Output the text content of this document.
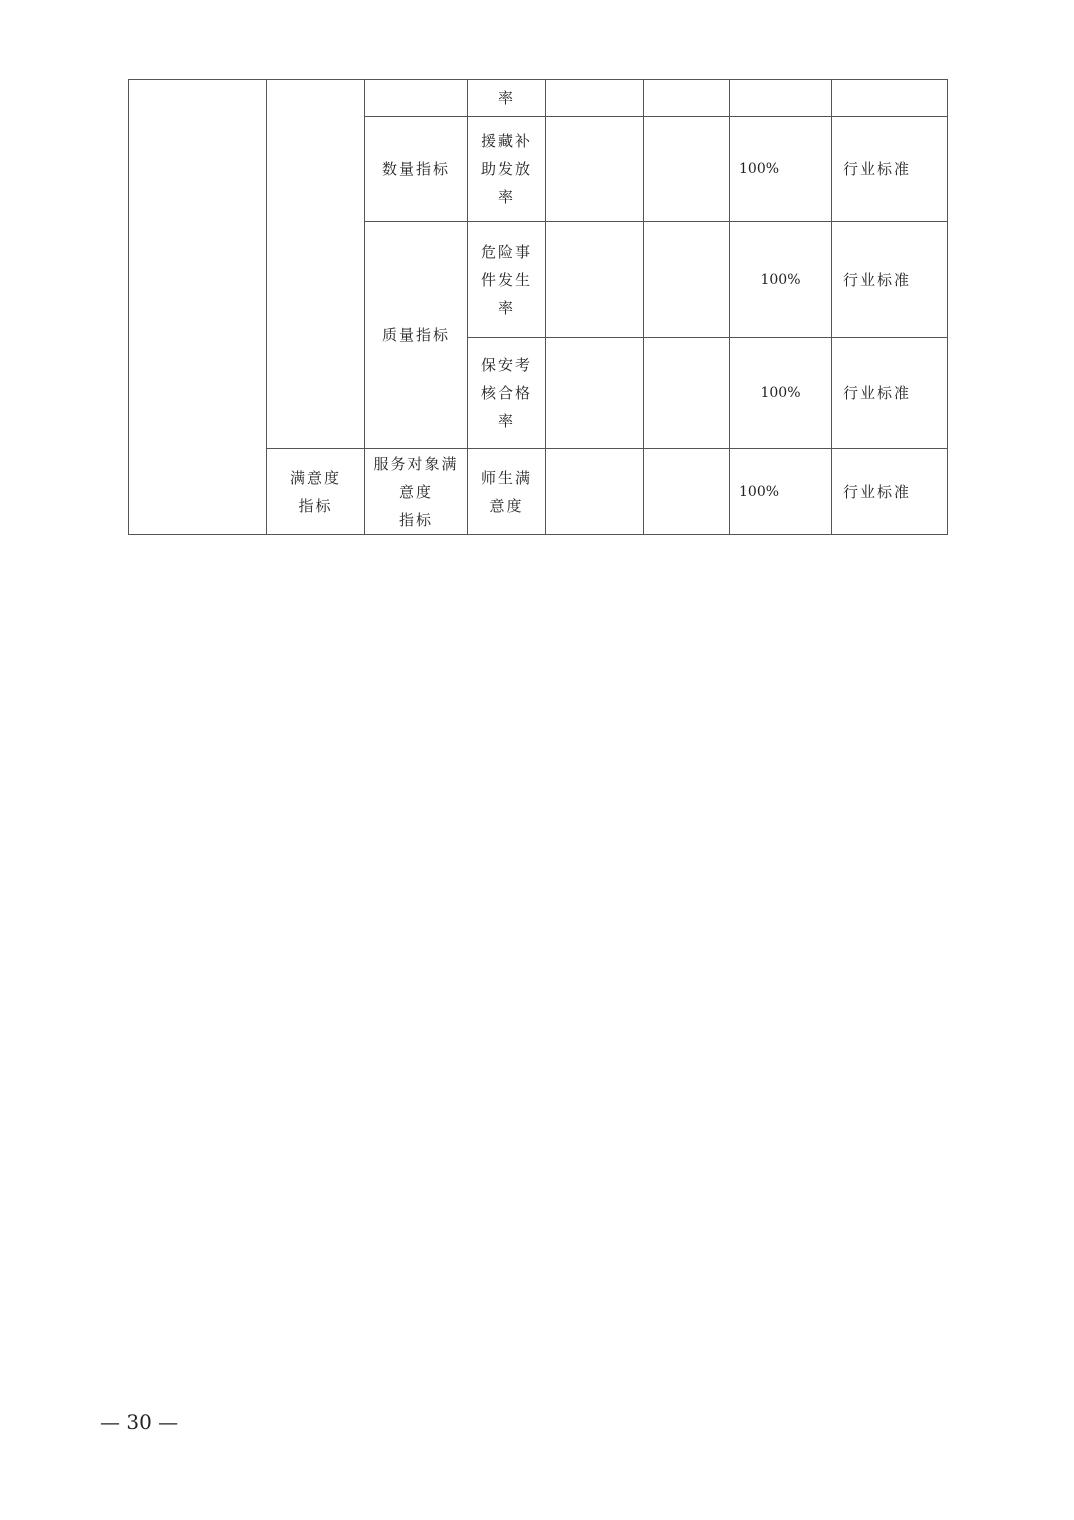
			率				
		数量指标	援藏补
助发放
率			100%	行业标准
		质量指标	危险事
件发生
率			100%	行业标准

			保安考
核合格
率			100%	行业标准

	满意度
指标	服务对象满
意度
指标	师生满
意度			100%	行业标准
— 30 —
